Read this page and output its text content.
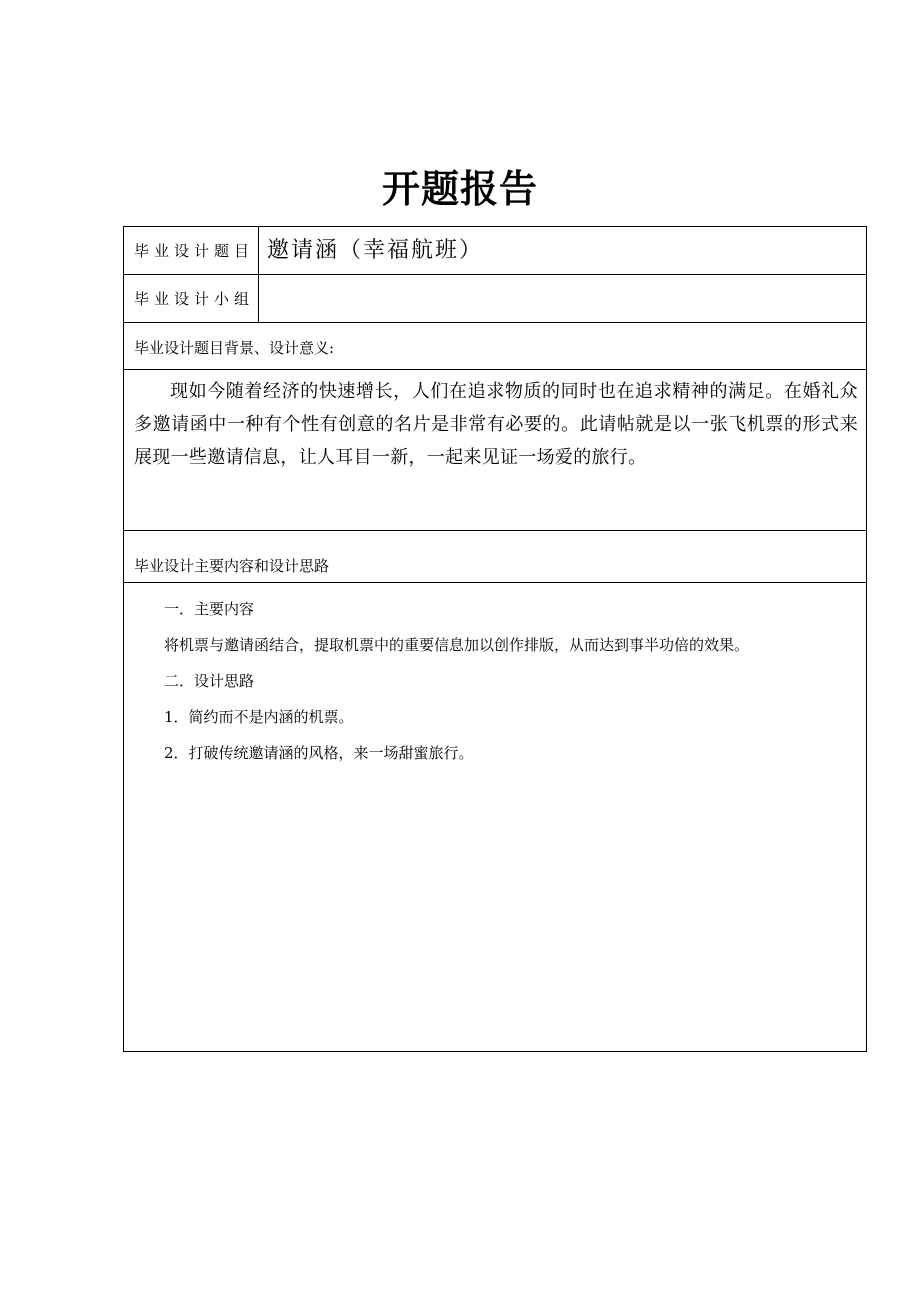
开题报告
毕业设计题目 邀请涵（幸福航班）
毕业设计小组
毕业设计题目背景、设计意义:
现如今随着经济的快速增长，人们在追求物质的同时也在追求精神的满足。在婚礼众多邀请函中一种有个性有创意的名片是非常有必要的。此请帖就是以一张飞机票的形式来展现一些邀请信息，让人耳目一新，一起来见证一场爱的旅行。
毕业设计主要内容和设计思路
一．主要内容
将机票与邀请函结合，提取机票中的重要信息加以创作排版，从而达到事半功倍的效果。
二．设计思路
1．简约而不是内涵的机票。
2．打破传统邀请涵的风格，来一场甜蜜旅行。
